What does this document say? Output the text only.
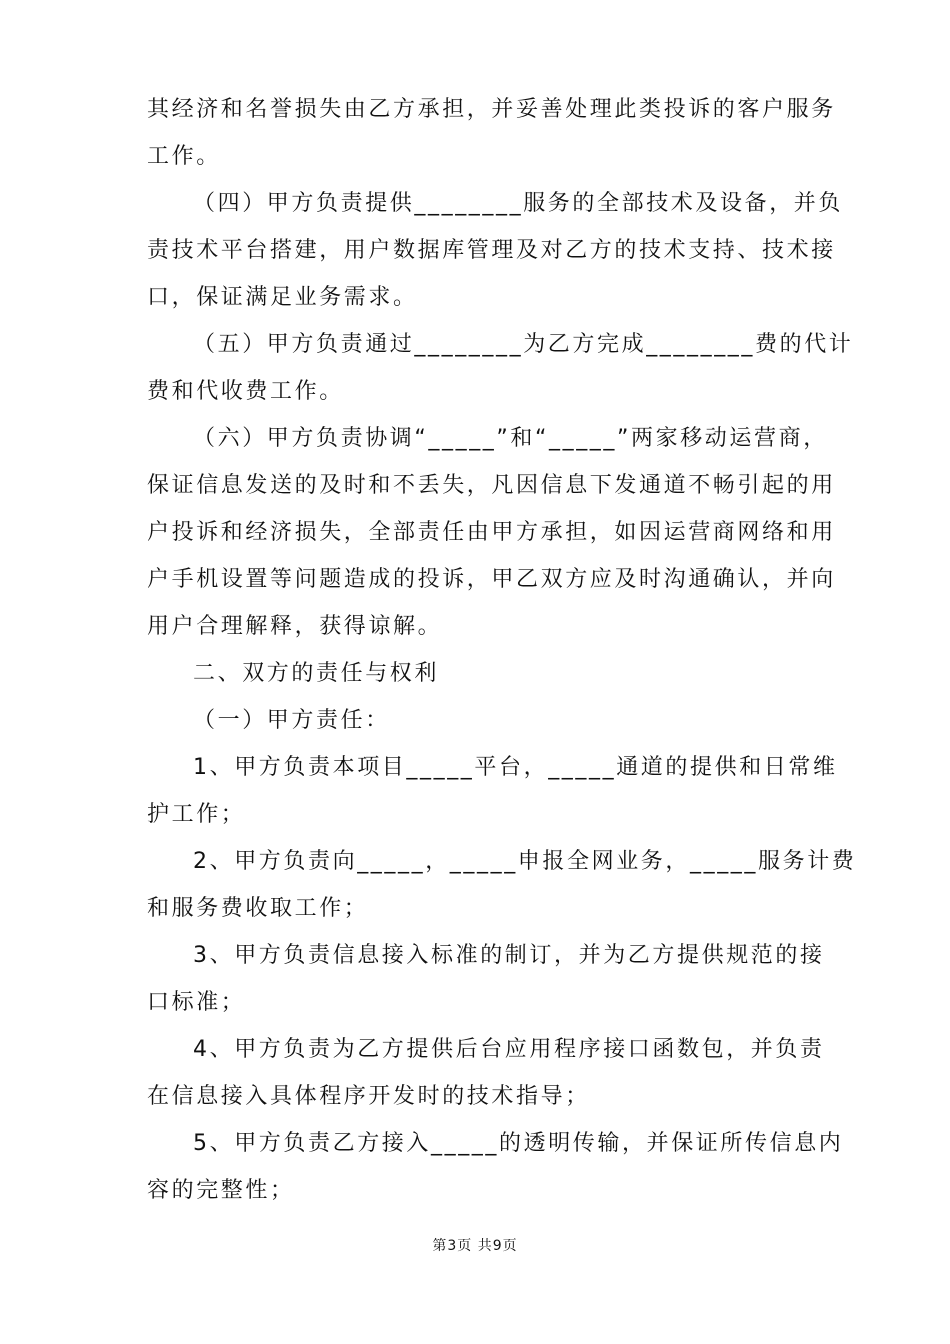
其经济和名誉损失由乙方承担，并妥善处理此类投诉的客户服务
工作。
（四）甲方负责提供________服务的全部技术及设备，并负
责技术平台搭建，用户数据库管理及对乙方的技术支持、技术接
口，保证满足业务需求。
（五）甲方负责通过________为乙方完成________费的代计
费和代收费工作。
（六）甲方负责协调“_____”和“_____”两家移动运营商，
保证信息发送的及时和不丢失，凡因信息下发通道不畅引起的用
户投诉和经济损失，全部责任由甲方承担，如因运营商网络和用
户手机设置等问题造成的投诉，甲乙双方应及时沟通确认，并向
用户合理解释，获得谅解。
二、双方的责任与权利
（一）甲方责任：
1、甲方负责本项目_____平台，_____通道的提供和日常维
护工作；
2、甲方负责向_____，_____申报全网业务，_____服务计费
和服务费收取工作；
3、甲方负责信息接入标准的制订，并为乙方提供规范的接
口标准；
4、甲方负责为乙方提供后台应用程序接口函数包，并负责
在信息接入具体程序开发时的技术指导；
5、甲方负责乙方接入_____的透明传输，并保证所传信息内
容的完整性；
第3页 共9页
